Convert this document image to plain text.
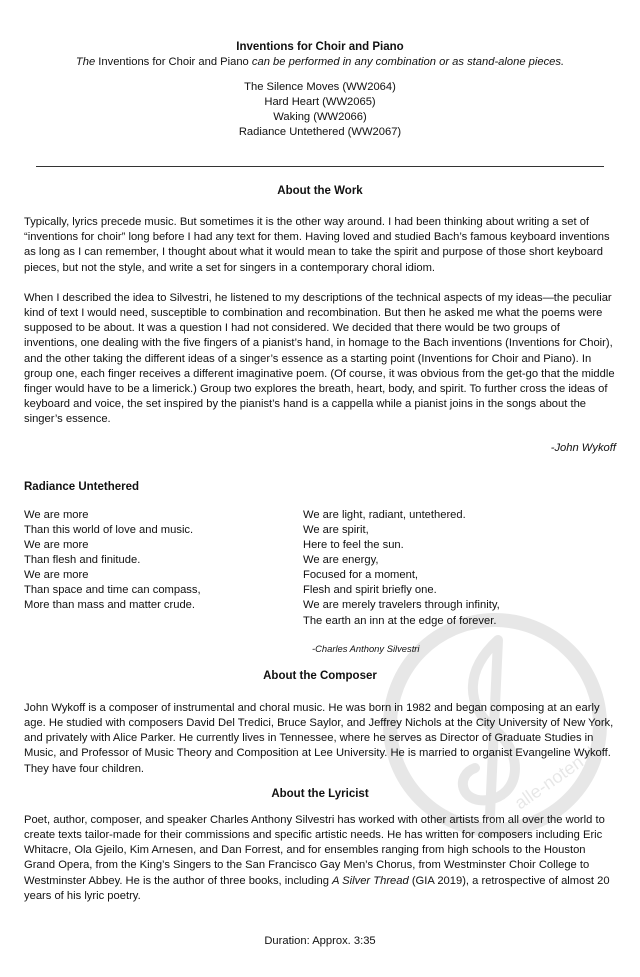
Inventions for Choir and Piano

The Inventions for Choir and Piano can be performed in any combination or as stand-alone pieces.

The Silence Moves (WW2064)
Hard Heart (WW2065)
Waking (WW2066)
Radiance Untethered (WW2067)
About the Work

Typically, lyrics precede music. But sometimes it is the other way around. I had been thinking about writing a set of “inventions for choir” long before I had any text for them. Having loved and studied Bach’s famous keyboard inventions as long as I can remember, I thought about what it would mean to take the spirit and purpose of those short keyboard pieces, but not the style, and write a set for singers in a contemporary choral idiom.

When I described the idea to Silvestri, he listened to my descriptions of the technical aspects of my ideas—the peculiar kind of text I would need, susceptible to combination and recombination. But then he asked me what the poems were supposed to be about. It was a question I had not considered. We decided that there would be two groups of inventions, one dealing with the five fingers of a pianist’s hand, in homage to the Bach inventions (Inventions for Choir), and the other taking the different ideas of a singer’s essence as a starting point (Inventions for Choir and Piano). In group one, each finger receives a different imaginative poem. (Of course, it was obvious from the get-go that the middle finger would have to be a limerick.) Group two explores the breath, heart, body, and spirit. To further cross the ideas of keyboard and voice, the set inspired by the pianist’s hand is a cappella while a pianist joins in the songs about the singer’s essence.

-John Wykoff

Radiance Untethered
We are more
Than this world of love and music.
We are more
Than flesh and finitude.
We are more
Than space and time can compass,
More than mass and matter crude.
We are light, radiant, untethered.
We are spirit,
Here to feel the sun.
We are energy,
Focused for a moment,
Flesh and spirit briefly one.
We are merely travelers through infinity,
The earth an inn at the edge of forever.

-Charles Anthony Silvestri

About the Composer

John Wykoff is a composer of instrumental and choral music. He was born in 1982 and began composing at an early age. He studied with composers David Del Tredici, Bruce Saylor, and Jeffrey Nichols at the City University of New York, and privately with Alice Parker. He currently lives in Tennessee, where he serves as Director of Graduate Studies in Music, and Professor of Music Theory and Composition at Lee University. He is married to organist Evangeline Wykoff. They have four children.

About the Lyricist

Poet, author, composer, and speaker Charles Anthony Silvestri has worked with other artists from all over the world to create texts tailor-made for their commissions and specific artistic needs. He has written for composers including Eric Whitacre, Ola Gjeilo, Kim Arnesen, and Dan Forrest, and for ensembles ranging from high schools to the Houston Grand Opera, from the King’s Singers to the San Francisco Gay Men’s Chorus, from Westminster Choir College to Westminster Abbey. He is the author of three books, including A Silver Thread (GIA 2019), a retrospective of almost 20 years of his lyric poetry.

Duration: Approx. 3:35

alle-noten.de
